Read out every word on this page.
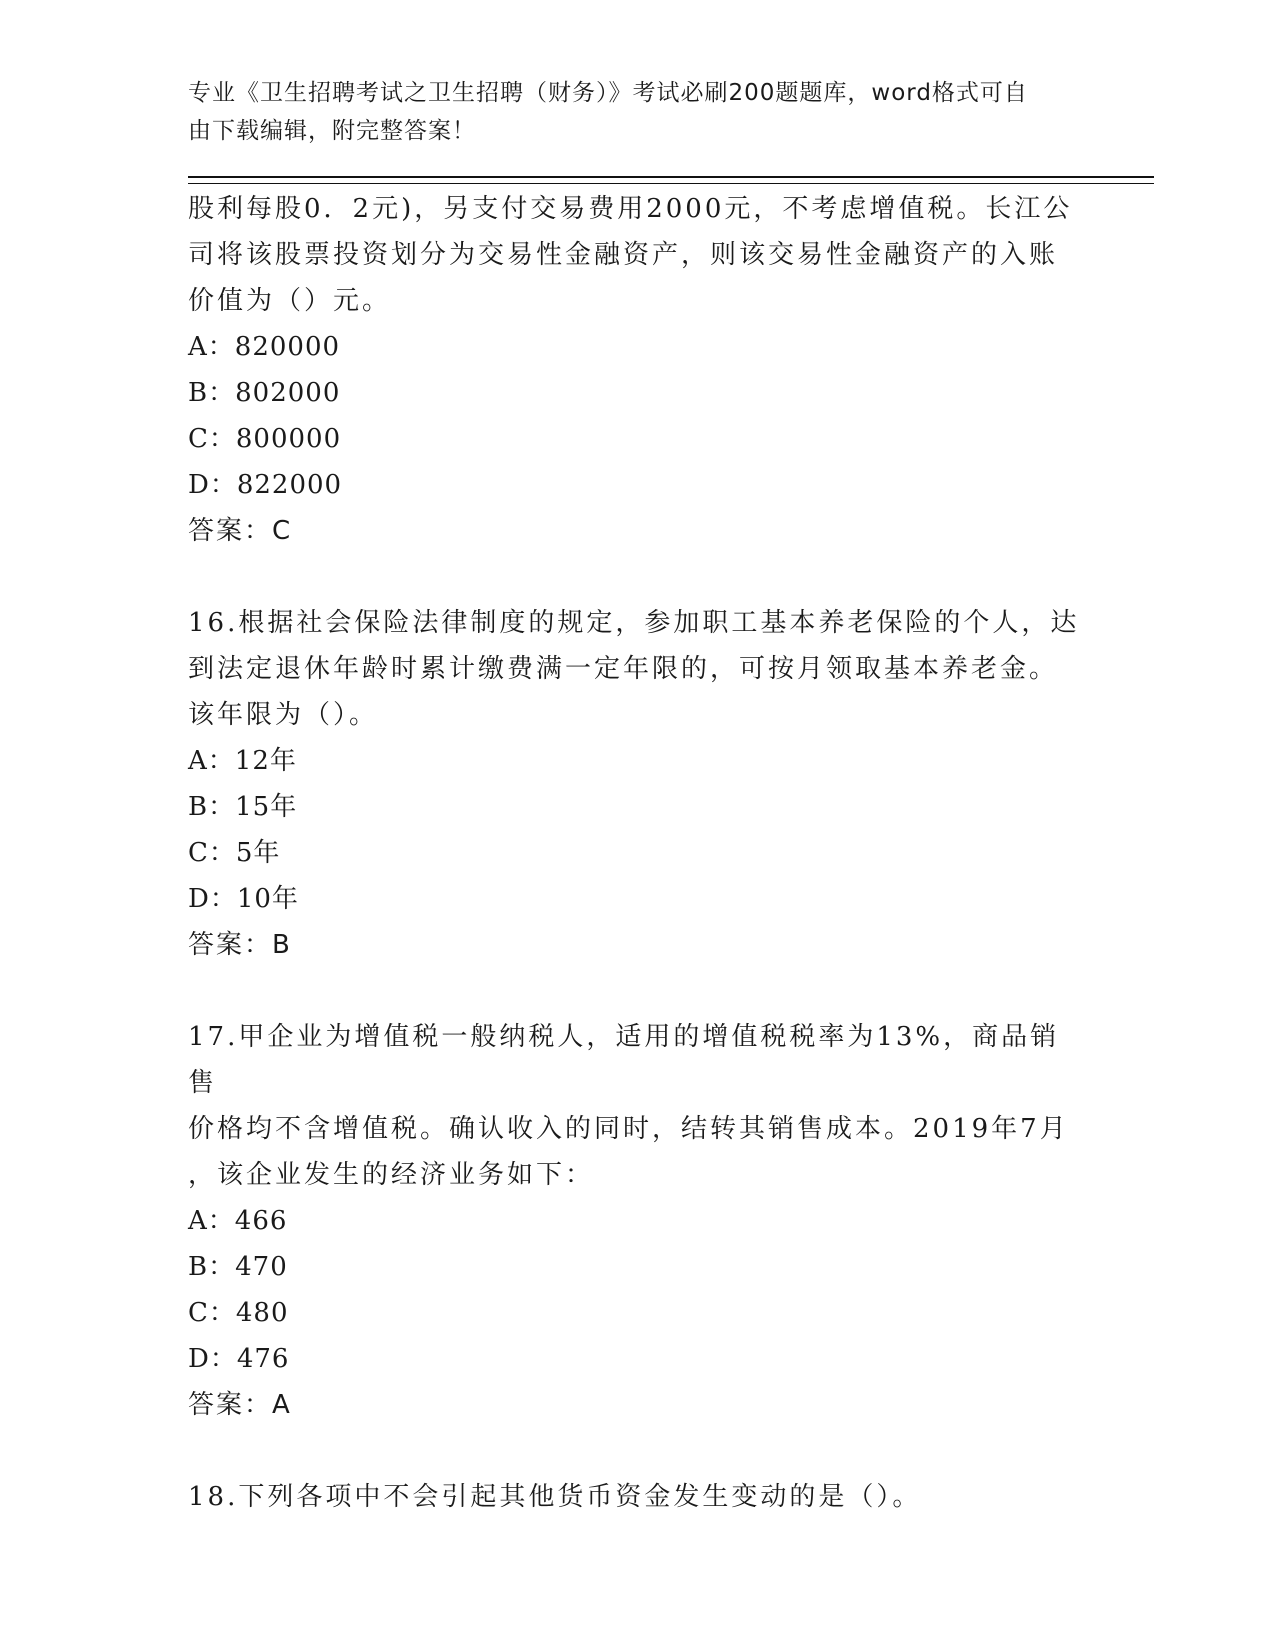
专业《卫生招聘考试之卫生招聘（财务）》考试必刷200题题库，word格式可自
由下载编辑，附完整答案！

股利每股0．2元)，另支付交易费用2000元，不考虑增值税。长江公

司将该股票投资划分为交易性金融资产，则该交易性金融资产的入账

价值为（）元。

A：820000

B：802000

C：800000

D：822000

答案：C

16.根据社会保险法律制度的规定，参加职工基本养老保险的个人，达

到法定退休年龄时累计缴费满一定年限的，可按月领取基本养老金。

该年限为（）。

A：12年

B：15年

C：5年

D：10年

答案：B

17.甲企业为增值税一般纳税人，适用的增值税税率为13%，商品销售

价格均不含增值税。确认收入的同时，结转其销售成本。2019年7月

，该企业发生的经济业务如下：

A：466

B：470

C：480

D：476

答案：A

18.下列各项中不会引起其他货币资金发生变动的是（）。
